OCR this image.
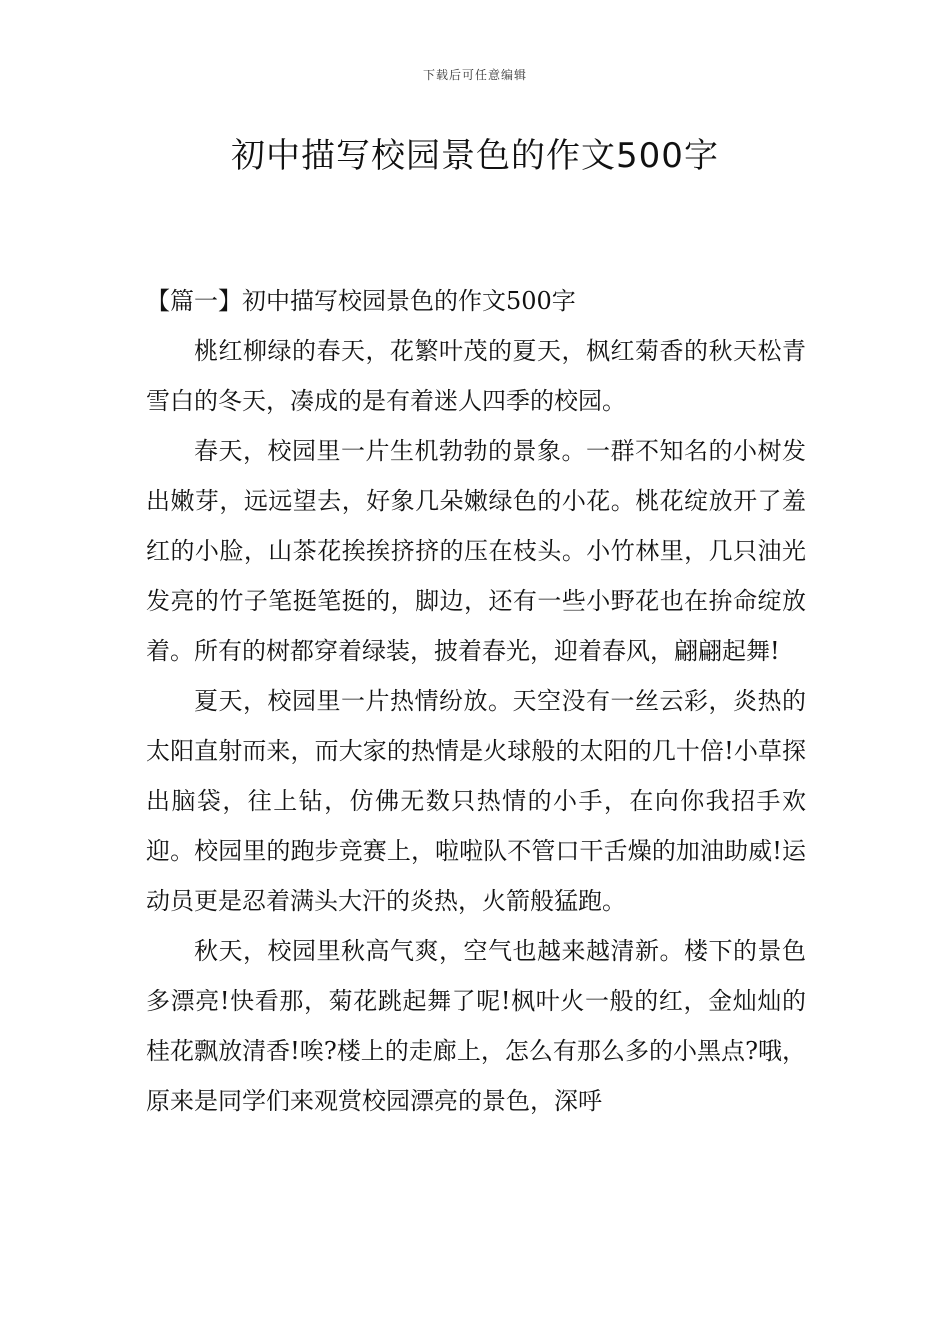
下载后可任意编辑
初中描写校园景色的作文500字

【篇一】初中描写校园景色的作文500字

桃红柳绿的春天，花繁叶茂的夏天，枫红菊香的秋天松青雪白的冬天，凑成的是有着迷人四季的校园。

春天，校园里一片生机勃勃的景象。一群不知名的小树发出嫩芽，远远望去，好象几朵嫩绿色的小花。桃花绽放开了羞红的小脸，山茶花挨挨挤挤的压在枝头。小竹林里，几只油光发亮的竹子笔挺笔挺的，脚边，还有一些小野花也在拚命绽放着。所有的树都穿着绿装，披着春光，迎着春风，翩翩起舞!

夏天，校园里一片热情纷放。天空没有一丝云彩，炎热的太阳直射而来，而大家的热情是火球般的太阳的几十倍!小草探出脑袋，往上钻，仿佛无数只热情的小手，在向你我招手欢迎。校园里的跑步竞赛上，啦啦队不管口干舌燥的加油助威!运动员更是忍着满头大汗的炎热，火箭般猛跑。

秋天，校园里秋高气爽，空气也越来越清新。楼下的景色多漂亮!快看那，菊花跳起舞了呢!枫叶火一般的红，金灿灿的桂花飘放清香!唉?楼上的走廊上，怎么有那么多的小黑点?哦，原来是同学们来观赏校园漂亮的景色，深呼
